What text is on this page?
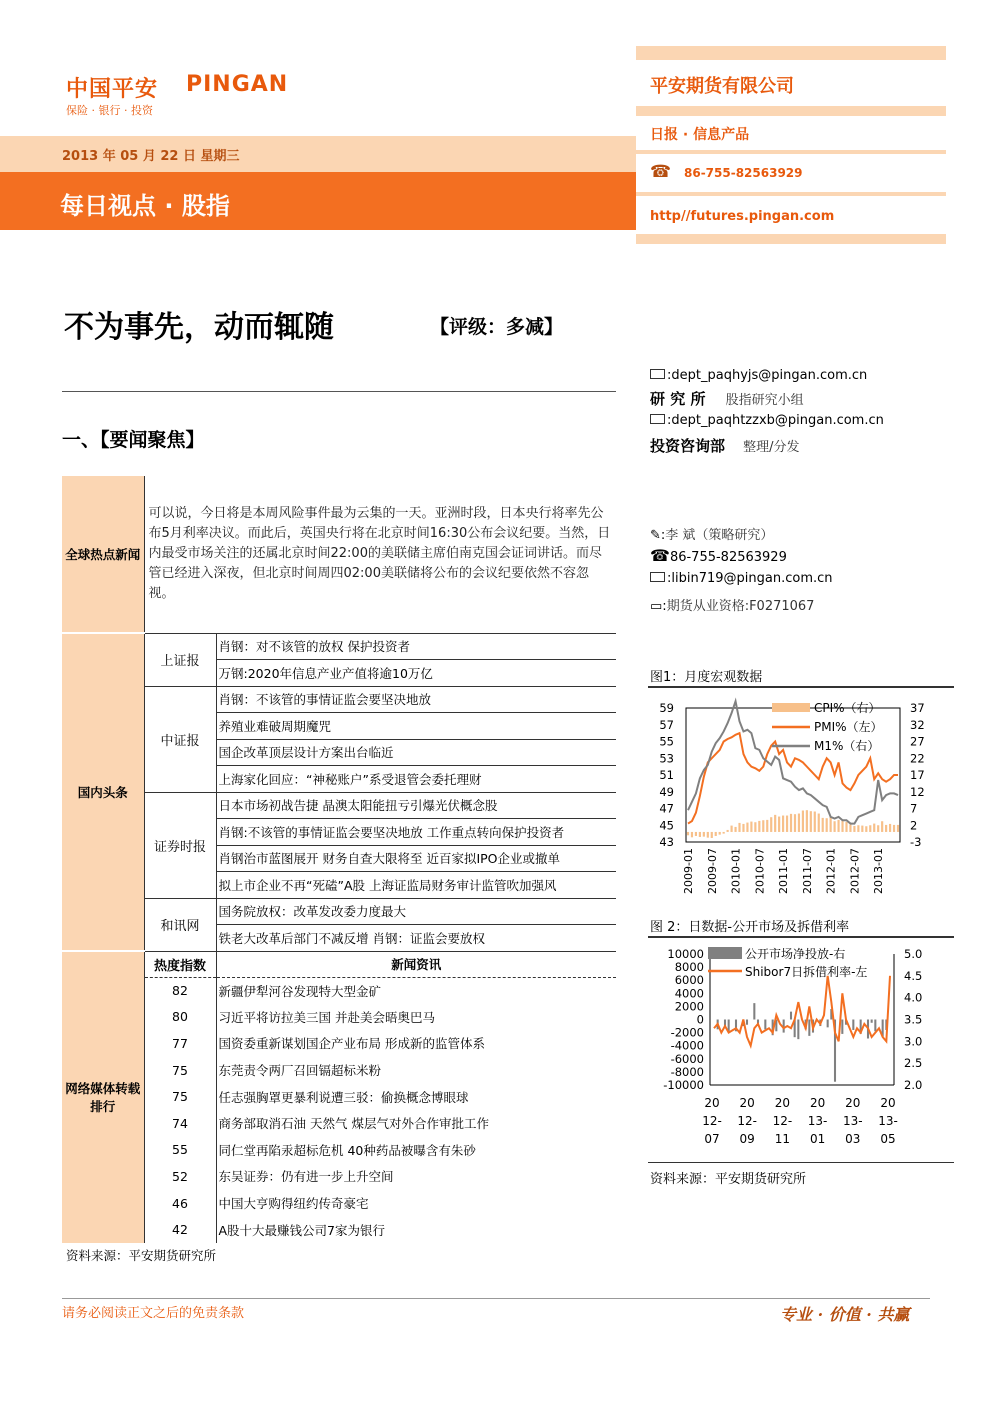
中国平安 PINGAN
保险 · 银行 · 投资
2013 年 05 月 22 日 星期三
每日视点 · 股指
平安期货有限公司
日报 · 信息产品
☎ 86-755-82563929
http//futures.pingan.com
不为事先，动而辄随	【评级：多减】
一、【要闻聚焦】
:dept_paqhyjs@pingan.com.cn
研 究 所 股指研究小组
:dept_paqhtzzxb@pingan.com.cn
投资咨询部 整理/分发
✎:李 斌（策略研究）
☎86-755-82563929
:libin719@pingan.com.cn
▭:期货从业资格:F0271067
全球热点新闻	可以说，今日将是本周风险事件最为云集的一天。亚洲时段，日本央行将率先公布5月利率决议。而此后，英国央行将在北京时间16:30公布会议纪要。当然，日内最受市场关注的还属北京时间22:00的美联储主席伯南克国会证词讲话。而尽管已经进入深夜，但北京时间周四02:00美联储将公布的会议纪要依然不容忽视。	
国内头条	上证报	肖钢：对不该管的放权 保护投资者
		万钢:2020年信息产业产值将逾10万亿
	中证报	肖钢：不该管的事情证监会要坚决地放
		养殖业难破周期魔咒
		国企改革顶层设计方案出台临近
		上海家化回应：“神秘账户”系受退管会委托理财
	证券时报	日本市场初战告捷 晶澳太阳能扭亏引爆光伏概念股
		肖钢:不该管的事情证监会要坚决地放 工作重点转向保护投资者
		肖钢治市蓝图展开 财务自查大限将至 近百家拟IPO企业或撤单
		拟上市企业不再“死磕”A股 上海证监局财务审计监管吹加强风
	和讯网	国务院放权：改革发改委力度最大
		铁老大改革后部门不减反增 肖钢：证监会要放权
网络媒体转载排行	热度指数	新闻资讯
	82	新疆伊犁河谷发现特大型金矿
	80	习近平将访拉美三国 并赴美会晤奥巴马
	77	国资委重新谋划国企产业布局 形成新的监管体系
	75	东莞责令两厂召回镉超标米粉
	75	任志强胸罩更暴利说遭三驳：偷换概念博眼球
	74	商务部取消石油 天然气 煤层气对外合作审批工作
	55	同仁堂再陷汞超标危机 40种药品被曝含有朱砂
	52	东吴证券：仍有进一步上升空间
	46	中国大亨购得纽约传奇豪宅
	42	A股十大最赚钱公司7家为银行
资料来源：平安期货研究所
图1：月度宏观数据
59
57
55
53
51
49
47
45
43
37
32
27
22
17
12
7
2
-3
2009-01 2009-07 2010-01 2010-07 2011-01 2011-07 2012-01 2012-07 2013-01
CPI%（右）
PMI%（左）
M1%（右）
图 2：日数据-公开市场及拆借利率
10000
8000
6000
4000
2000
0
-2000
-4000
-6000
-8000
-10000
5.0
4.5
4.0
3.5
3.0
2.5
2.0
20
12-
07
20
12-
09
20
12-
11
20
13-
01
20
13-
03
20
13-
05
公开市场净投放-右
Shibor7日拆借利率-左
资料来源：平安期货研究所
请务必阅读正文之后的免责条款	专业 · 价值 · 共赢
